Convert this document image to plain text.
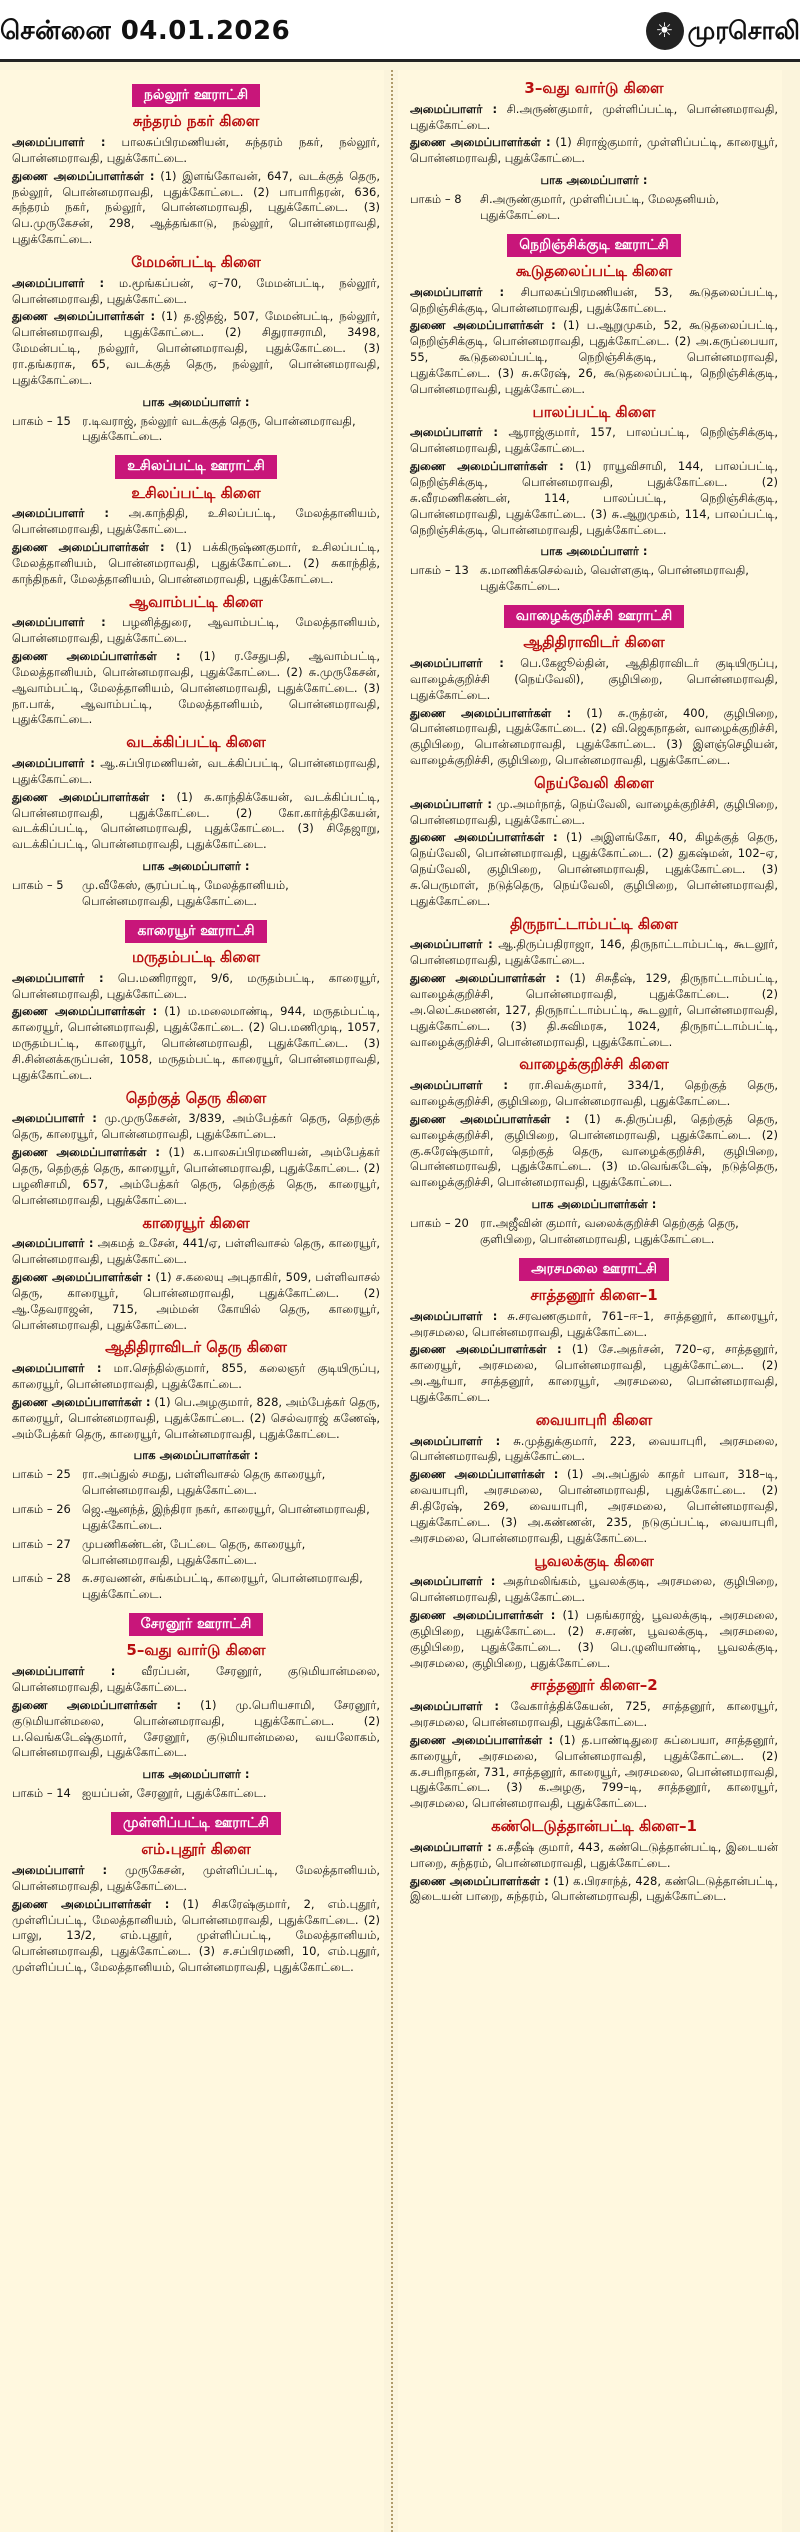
சென்னை 04.01.2026	☀ முரசொலி
நல்லூர் ஊராட்சி
சுந்தரம் நகர் கிளை
அமைப்பாளர் : பாலசுப்பிரமணியன், சுந்தரம் நகர், நல்லூர், பொன்னமராவதி, புதுக்கோட்டை.
துணை அமைப்பாளர்கள் : (1) இளங்கோவன், 647, வடக்குத் தெரு, நல்லூர், பொன்னமராவதி, புதுக்கோட்டை. (2) பாபாரிதரன், 636, சுந்தரம் நகர், நல்லூர், பொன்னமராவதி, புதுக்கோட்டை. (3) பெ.முருகேசன், 298, ஆத்தங்காடு, நல்லூர், பொன்னமராவதி, புதுக்கோட்டை.
மேமன்பட்டி கிளை
அமைப்பாளர் : ம.மூங்கப்பன், ஏ–70, மேமன்பட்டி, நல்லூர், பொன்னமராவதி, புதுக்கோட்டை.
துணை அமைப்பாளர்கள் : (1) த.ஜிதஜ், 507, மேமன்பட்டி, நல்லூர், பொன்னமராவதி, புதுக்கோட்டை. (2) சிதுராசராமி, 3498, மேமன்பட்டி, நல்லூர், பொன்னமராவதி, புதுக்கோட்டை. (3) ரா.தங்கராசு, 65, வடக்குத் தெரு, நல்லூர், பொன்னமராவதி, புதுக்கோட்டை.
பாக அமைப்பாளர் :
பாகம் – 15 ர.டிவராஜ், நல்லூர் வடக்குத் தெரு, பொன்னமராவதி, புதுக்கோட்டை.
உசிலப்பட்டி ஊராட்சி
உசிலப்பட்டி கிளை
அமைப்பாளர் : அ.காந்திதி, உசிலப்பட்டி, மேலத்தானியம், பொன்னமராவதி, புதுக்கோட்டை.
துணை அமைப்பாளர்கள் : (1) பக்கிருஷ்ணகுமார், உசிலப்பட்டி, மேலத்தானியம், பொன்னமராவதி, புதுக்கோட்டை. (2) சுகாந்தித், காந்திநகர், மேலத்தானியம், பொன்னமராவதி, புதுக்கோட்டை.
ஆவாம்பட்டி கிளை
அமைப்பாளர் : பழனித்துரை, ஆவாம்பட்டி, மேலத்தானியம், பொன்னமராவதி, புதுக்கோட்டை.
துணை அமைப்பாளர்கள் : (1) ர.சேதுபதி, ஆவாம்பட்டி, மேலத்தானியம், பொன்னமராவதி, புதுக்கோட்டை. (2) சு.முருகேசன், ஆவாம்பட்டி, மேலத்தானியம், பொன்னமராவதி, புதுக்கோட்டை. (3) நா.பாக், ஆவாம்பட்டி, மேலத்தானியம், பொன்னமராவதி, புதுக்கோட்டை.
வடக்கிப்பட்டி கிளை
அமைப்பாளர் : ஆ.சுப்பிரமணியன், வடக்கிப்பட்டி, பொன்னமராவதி, புதுக்கோட்டை.
துணை அமைப்பாளர்கள் : (1) சு.காந்திக்கேயன், வடக்கிப்பட்டி, பொன்னமராவதி, புதுக்கோட்டை. (2) கோ.கார்த்திகேயன், வடக்கிப்பட்டி, பொன்னமராவதி, புதுக்கோட்டை. (3) சிதேஜாறு, வடக்கிப்பட்டி, பொன்னமராவதி, புதுக்கோட்டை.
பாக அமைப்பாளர் :
பாகம் – 5	மு.வீகேஸ், சூரப்பட்டி, மேலத்தானியம், பொன்னமராவதி, புதுக்கோட்டை.
காரையூர் ஊராட்சி
மருதம்பட்டி கிளை
அமைப்பாளர் : பெ.மணிராஜா, 9/6, மருதம்பட்டி, காரையூர், பொன்னமராவதி, புதுக்கோட்டை.
துணை அமைப்பாளர்கள் : (1) ம.மலைமாண்டி, 944, மருதம்பட்டி, காரையூர், பொன்னமராவதி, புதுக்கோட்டை. (2) பெ.மணிமுடி, 1057, மருதம்பட்டி, காரையூர், பொன்னமராவதி, புதுக்கோட்டை. (3) சி.சின்னக்கருப்பன், 1058, மருதம்பட்டி, காரையூர், பொன்னமராவதி, புதுக்கோட்டை.
தெற்குத் தெரு கிளை
அமைப்பாளர் : மு.முருகேசன், 3/839, அம்பேத்கர் தெரு, தெற்குத் தெரு, காரையூர், பொன்னமராவதி, புதுக்கோட்டை.
துணை அமைப்பாளர்கள் : (1) க.பாலசுப்பிரமணியன், அம்பேத்கர் தெரு, தெற்குத் தெரு, காரையூர், பொன்னமராவதி, புதுக்கோட்டை. (2) பழனிசாமி, 657, அம்பேத்கர் தெரு, தெற்குத் தெரு, காரையூர், பொன்னமராவதி, புதுக்கோட்டை.
காரையூர் கிளை
அமைப்பாளர் : அகமத் உசேன், 441/ஏ, பள்ளிவாசல் தெரு, காரையூர், பொன்னமராவதி, புதுக்கோட்டை.
துணை அமைப்பாளர்கள் : (1) ச.கலையு அபுதாகிர், 509, பள்ளிவாசல் தெரு, காரையூர், பொன்னமராவதி, புதுக்கோட்டை. (2) ஆ.தேவராஜன், 715, அம்மன் கோயில் தெரு, காரையூர், பொன்னமராவதி, புதுக்கோட்டை.
ஆதிதிராவிடர் தெரு கிளை
அமைப்பாளர் : மா.செந்தில்குமார், 855, கலைஞர் குடியிருப்பு, காரையூர், பொன்னமராவதி, புதுக்கோட்டை.
துணை அமைப்பாளர்கள் : (1) பெ.அழகுமார், 828, அம்பேத்கர் தெரு, காரையூர், பொன்னமராவதி, புதுக்கோட்டை. (2) செல்வராஜ் கணேஷ், அம்பேத்கர் தெரு, காரையூர், பொன்னமராவதி, புதுக்கோட்டை.
பாக அமைப்பாளர்கள் :
பாகம் – 25 ரா.அப்துல் சமது, பள்ளிவாசல் தெரு காரையூர், பொன்னமராவதி, புதுக்கோட்டை.
பாகம் – 26 ஜெ.ஆனந்த், இந்திரா நகர், காரையூர், பொன்னமராவதி, புதுக்கோட்டை.
பாகம் – 27 முபணிகண்டன், பேட்டை தெரு, காரையூர், பொன்னமராவதி, புதுக்கோட்டை.
பாகம் – 28 சு.சரவணன், சங்கம்பட்டி, காரையூர், பொன்னமராவதி, புதுக்கோட்டை.
சேரனூர் ஊராட்சி
5–வது வார்டு கிளை
அமைப்பாளர் : வீரப்பன், சேரனூர், குடுமியான்மலை, பொன்னமராவதி, புதுக்கோட்டை.
துணை அமைப்பாளர்கள் : (1) மு.பெரியசாமி, சேரனூர், குடுமியான்மலை, பொன்னமராவதி, புதுக்கோட்டை. (2) ப.வெங்கடேஷ்குமார், சேரனூர், குடுமியான்மலை, வயலோகம், பொன்னமராவதி, புதுக்கோட்டை.
பாக அமைப்பாளர் :
பாகம் – 14 ஐயப்பன், சேரனூர், புதுக்கோட்டை.
முள்ளிப்பட்டி ஊராட்சி
எம்.புதூர் கிளை
அமைப்பாளர் : முருகேசன், முள்ளிப்பட்டி, மேலத்தானியம், பொன்னமராவதி, புதுக்கோட்டை.
துணை அமைப்பாளர்கள் : (1) சிகரேஷ்குமார், 2, எம்.புதூர், முள்ளிப்பட்டி, மேலத்தானியம், பொன்னமராவதி, புதுக்கோட்டை. (2) பாலு, 13/2, எம்.புதூர், முள்ளிப்பட்டி, மேலத்தானியம், பொன்னமராவதி, புதுக்கோட்டை. (3) ச.சப்பிரமணி, 10, எம்.புதூர், முள்ளிப்பட்டி, மேலத்தானியம், பொன்னமராவதி, புதுக்கோட்டை.
3–வது வார்டு கிளை
அமைப்பாளர் : சி.அருண்குமார், முள்ளிப்பட்டி, பொன்னமராவதி, புதுக்கோட்டை.
துணை அமைப்பாளர்கள் : (1) சிராஜ்குமார், முள்ளிப்பட்டி, காரையூர், பொன்னமராவதி, புதுக்கோட்டை.
பாக அமைப்பாளர் :
பாகம் – 8	சி.அருண்குமார், முள்ளிப்பட்டி, மேலதனியம், புதுக்கோட்டை.
நெறிஞ்சிக்குடி ஊராட்சி
கூடுதலைப்பட்டி கிளை
அமைப்பாளர் : சிபாலசுப்பிரமணியன், 53, கூடுதலைப்பட்டி, நெறிஞ்சிக்குடி, பொன்னமராவதி, புதுக்கோட்டை.
துணை அமைப்பாளர்கள் : (1) ப.ஆறுமுகம், 52, கூடுதலைப்பட்டி, நெறிஞ்சிக்குடி, பொன்னமராவதி, புதுக்கோட்டை. (2) அ.கருப்பையா, 55, கூடுதலைப்பட்டி, நெறிஞ்சிக்குடி, பொன்னமராவதி, புதுக்கோட்டை. (3) சு.சுரேஷ், 26, கூடுதலைப்பட்டி, நெறிஞ்சிக்குடி, பொன்னமராவதி, புதுக்கோட்டை.
பாலப்பட்டி கிளை
அமைப்பாளர் : ஆராஜ்குமார், 157, பாலப்பட்டி, நெறிஞ்சிக்குடி, பொன்னமராவதி, புதுக்கோட்டை.
துணை அமைப்பாளர்கள் : (1) ராயூவிசாமி, 144, பாலப்பட்டி, நெறிஞ்சிக்குடி, பொன்னமராவதி, புதுக்கோட்டை. (2) சு.வீரமணிகண்டன், 114, பாலப்பட்டி, நெறிஞ்சிக்குடி, பொன்னமராவதி, புதுக்கோட்டை. (3) சு.ஆறுமுகம், 114, பாலப்பட்டி, நெறிஞ்சிக்குடி, பொன்னமராவதி, புதுக்கோட்டை.
பாக அமைப்பாளர் :
பாகம் – 13 க.மாணிக்கசெல்வம், வெள்ளகுடி, பொன்னமராவதி, புதுக்கோட்டை.
வாழைக்குறிச்சி ஊராட்சி
ஆதிதிராவிடர் கிளை
அமைப்பாளர் : பெ.கேஜூல்தின், ஆதிதிராவிடர் குடியிருப்பு, வாழைக்குறிச்சி (நெய்வேலி), குழிபிறை, பொன்னமராவதி, புதுக்கோட்டை.
துணை அமைப்பாளர்கள் : (1) சு.ருத்ரன், 400, குழிபிறை, பொன்னமராவதி, புதுக்கோட்டை. (2) வி.ஜெகநாதன், வாழைக்குறிச்சி, குழிபிறை, பொன்னமராவதி, புதுக்கோட்டை. (3) இளஞ்செழியன், வாழைக்குறிச்சி, குழிபிறை, பொன்னமராவதி, புதுக்கோட்டை.
நெய்வேலி கிளை
அமைப்பாளர் : மு.அமர்நாத், நெய்வேலி, வாழைக்குறிச்சி, குழிபிறை, பொன்னமராவதி, புதுக்கோட்டை.
துணை அமைப்பாளர்கள் : (1) அஇளங்கோ, 40, கிழக்குத் தெரு, நெய்வேலி, பொன்னமராவதி, புதுக்கோட்டை. (2) துகஷ்மன், 102–ஏ, நெய்வேலி, குழிபிறை, பொன்னமராவதி, புதுக்கோட்டை. (3) சு.பெருமாள், நடுத்தெரு, நெய்வேலி, குழிபிறை, பொன்னமராவதி, புதுக்கோட்டை.
திருநாட்டாம்பட்டி கிளை
அமைப்பாளர் : ஆ.திருப்பதிராஜா, 146, திருநாட்டாம்பட்டி, கூடலூர், பொன்னமராவதி, புதுக்கோட்டை.
துணை அமைப்பாளர்கள் : (1) சிசுதீஷ், 129, திருநாட்டாம்பட்டி, வாழைக்குறிச்சி, பொன்னமராவதி, புதுக்கோட்டை. (2) அ.லெட்சுமணன், 127, திருநாட்டாம்பட்டி, கூடலூர், பொன்னமராவதி, புதுக்கோட்டை. (3) தி.சுவிமரசு, 1024, திருநாட்டாம்பட்டி, வாழைக்குறிச்சி, பொன்னமராவதி, புதுக்கோட்டை.
வாழைக்குறிச்சி கிளை
அமைப்பாளர் : ரா.சிவக்குமார், 334/1, தெற்குத் தெரு, வாழைக்குறிச்சி, குழிபிறை, பொன்னமராவதி, புதுக்கோட்டை.
துணை அமைப்பாளர்கள் : (1) சு.திருப்பதி, தெற்குத் தெரு, வாழைக்குறிச்சி, குழிபிறை, பொன்னமராவதி, புதுக்கோட்டை. (2) கு.சுரேஷ்குமார், தெற்குத் தெரு, வாழைக்குறிச்சி, குழிபிறை, பொன்னமராவதி, புதுக்கோட்டை. (3) ம.வெங்கடேஷ், நடுத்தெரு, வாழைக்குறிச்சி, பொன்னமராவதி, புதுக்கோட்டை.
பாக அமைப்பாளர்கள் :
பாகம் – 20 ரா.அஜீவின் குமார், வலைக்குறிச்சி தெற்குத் தெரு, குளிபிறை, பொன்னமராவதி, புதுக்கோட்டை.
அரசமலை ஊராட்சி
சாத்தனூர் கிளை–1
அமைப்பாளர் : சு.சரவணகுமார், 761–ஈ–1, சாத்தனூர், காரையூர், அரசமலை, பொன்னமராவதி, புதுக்கோட்டை.
துணை அமைப்பாளர்கள் : (1) சே.அதர்சன், 720–ஏ, சாத்தனூர், காரையூர், அரசமலை, பொன்னமராவதி, புதுக்கோட்டை. (2) அ.ஆர்யா, சாத்தனூர், காரையூர், அரசமலை, பொன்னமராவதி, புதுக்கோட்டை.
வையாபுரி கிளை
அமைப்பாளர் : சு.முத்துக்குமார், 223, வையாபுரி, அரசமலை, பொன்னமராவதி, புதுக்கோட்டை.
துணை அமைப்பாளர்கள் : (1) அ.அப்துல் காதர் பாவா, 318–டி, வையாபுரி, அரசமலை, பொன்னமராவதி, புதுக்கோட்டை. (2) சி.திரேஷ், 269, வையாபுரி, அரசமலை, பொன்னமராவதி, புதுக்கோட்டை. (3) அ.கண்ணன், 235, நடுகுப்பட்டி, வையாபுரி, அரசமலை, பொன்னமராவதி, புதுக்கோட்டை.
பூவலக்குடி கிளை
அமைப்பாளர் : அதர்மலிங்கம், பூவலக்குடி, அரசமலை, குழிபிறை, பொன்னமராவதி, புதுக்கோட்டை.
துணை அமைப்பாளர்கள் : (1) பதங்கராஜ், பூவலக்குடி, அரசமலை, குழிபிறை, புதுக்கோட்டை. (2) ச.சரண், பூவலக்குடி, அரசமலை, குழிபிறை, புதுக்கோட்டை. (3) பெ.ழுனியாண்டி, பூவலக்குடி, அரசமலை, குழிபிறை, புதுக்கோட்டை.
சாத்தனூர் கிளை–2
அமைப்பாளர் : வேகார்த்திக்கேயன், 725, சாத்தனூர், காரையூர், அரசமலை, பொன்னமராவதி, புதுக்கோட்டை.
துணை அமைப்பாளர்கள் : (1) த.பாண்டிதுரை சுப்பையா, சாத்தனூர், காரையூர், அரசமலை, பொன்னமராவதி, புதுக்கோட்டை. (2) க.சபரிநாதன், 731, சாத்தனூர், காரையூர், அரசமலை, பொன்னமராவதி, புதுக்கோட்டை. (3) க.அழகு, 799–டி, சாத்தனூர், காரையூர், அரசமலை, பொன்னமராவதி, புதுக்கோட்டை.
கண்டெடுத்தான்பட்டி கிளை–1
அமைப்பாளர் : க.சதீஷ் குமார், 443, கண்டெடுத்தான்பட்டி, இடையன் பாறை, சுந்தரம், பொன்னமராவதி, புதுக்கோட்டை.
துணை அமைப்பாளர்கள் : (1) க.பிரசாந்த், 428, கண்டெடுத்தான்பட்டி, இடையன் பாறை, சுந்தரம், பொன்னமராவதி, புதுக்கோட்டை.
